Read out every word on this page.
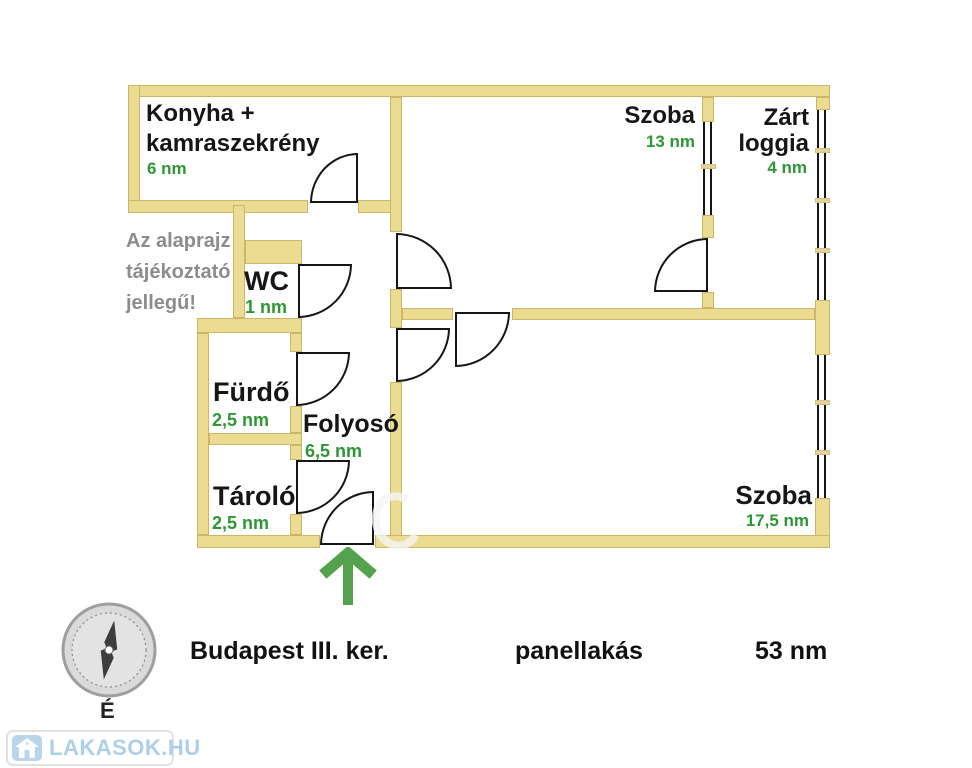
Konyha +
kamraszekrény
6 nm
Szoba
13 nm
Zárt
loggia
4 nm
WC
1 nm
Fürdő
2,5 nm Folyosó
6,5 nm
Tároló
2,5 nm
Szoba
17,5 nm
Az alaprajz
tájékoztató
jellegű!
É
Budapest III. ker.	panellakás	53 nm
LAKASOK.HU
